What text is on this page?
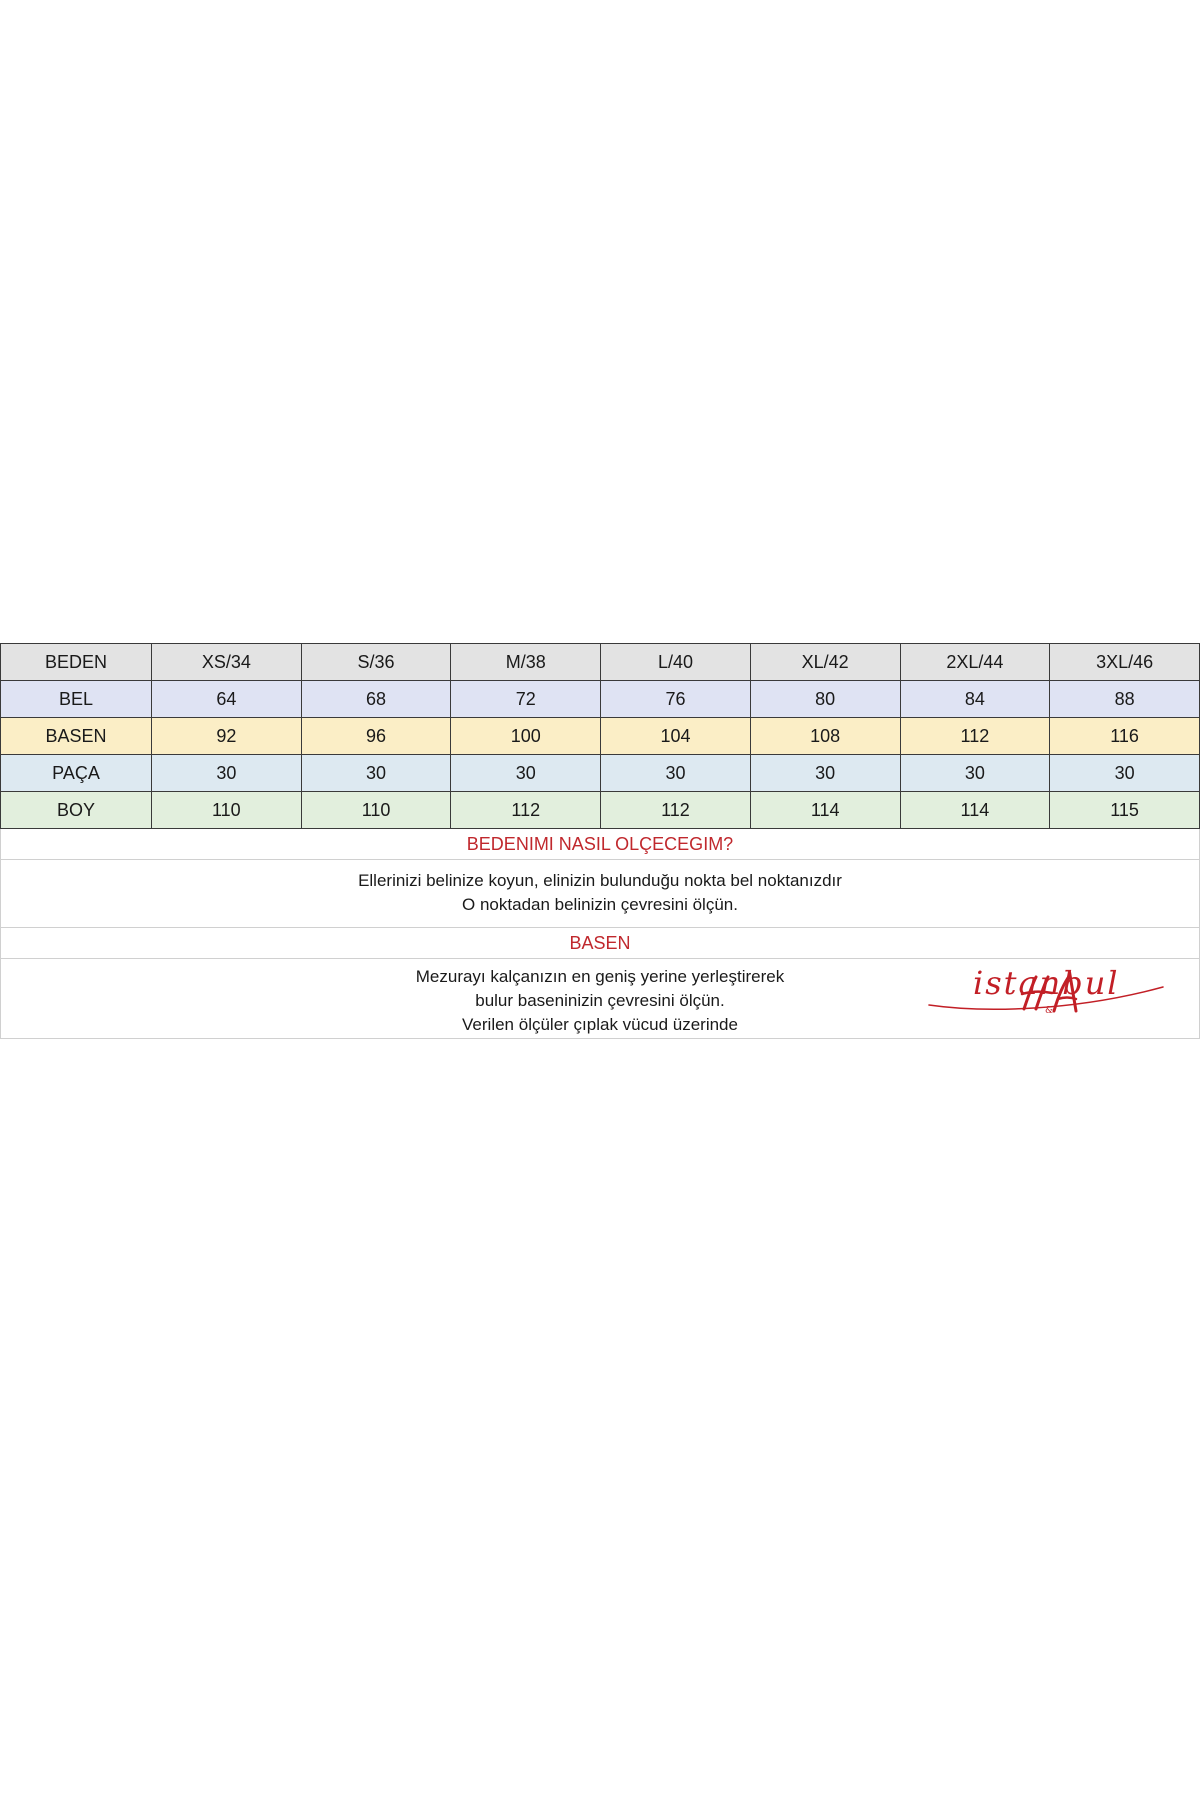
BEDEN	XS/34	S/36	M/38	L/40	XL/42	2XL/44	3XL/46
BEL	64	68	72	76	80	84	88
BASEN	92	96	100	104	108	112	116
PAÇA	30	30	30	30	30	30	30
BOY	110	110	112	112	114	114	115
BEDENIMI NASIL OLÇECEGIM?
Ellerinizi belinize koyun, elinizin bulunduğu nokta bel noktanızdır
O noktadan belinizin çevresini ölçün.
BASEN
Mezurayı kalçanızın en geniş yerine yerleştirerek
bulur baseninizin çevresini ölçün.
Verilen ölçüler çıplak vücud üzerinde
&
istanbul
